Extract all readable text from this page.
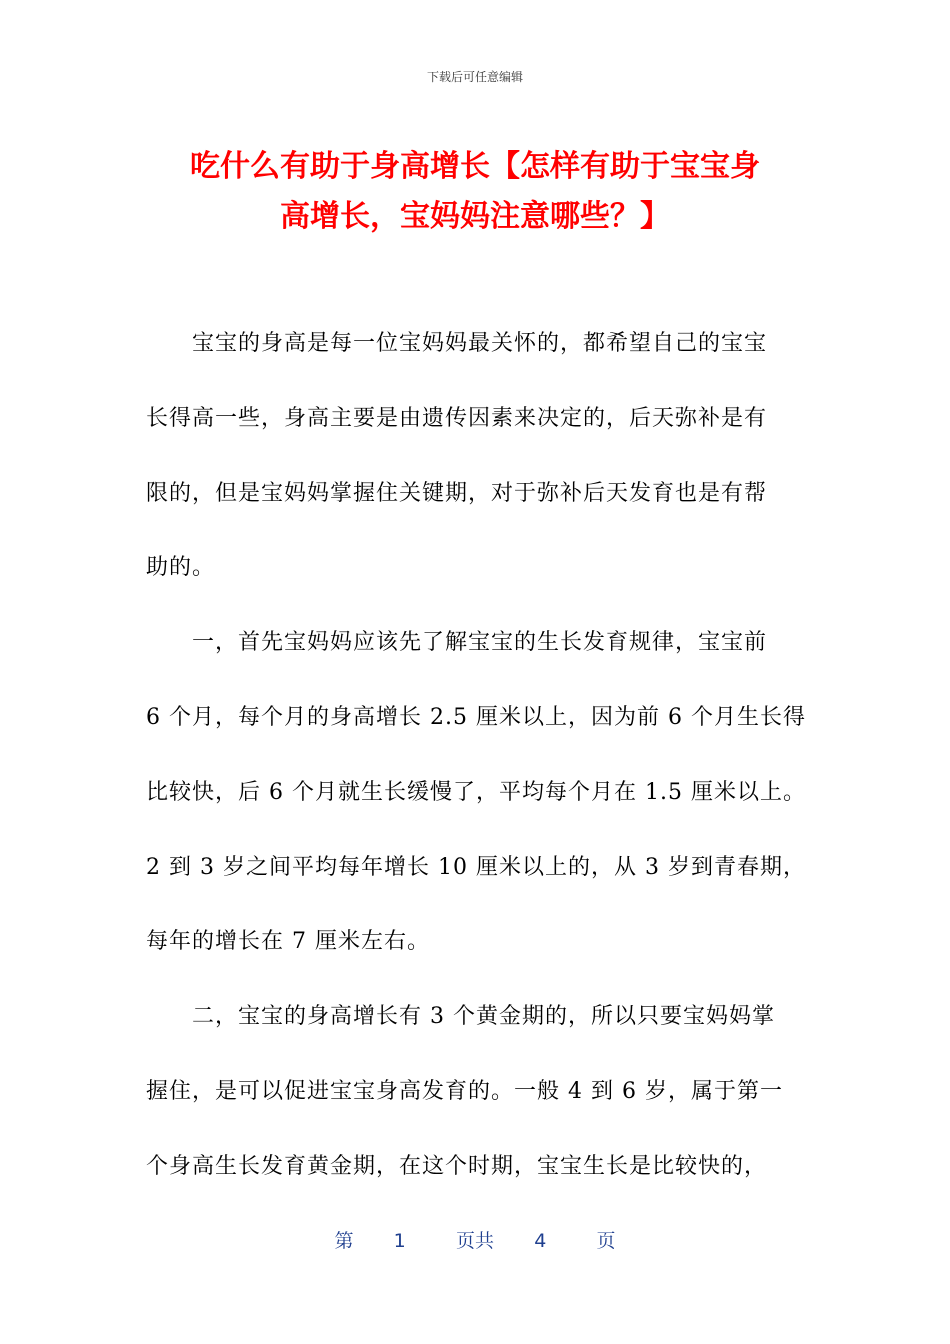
下载后可任意编辑
吃什么有助于身高增长【怎样有助于宝宝身
高增长，宝妈妈注意哪些？】
宝宝的身高是每一位宝妈妈最关怀的，都希望自己的宝宝
长得高一些，身高主要是由遗传因素来决定的，后天弥补是有
限的，但是宝妈妈掌握住关键期，对于弥补后天发育也是有帮
助的。
一，首先宝妈妈应该先了解宝宝的生长发育规律，宝宝前
6 个月，每个月的身高增长 2.5 厘米以上，因为前 6 个月生长得
比较快，后 6 个月就生长缓慢了，平均每个月在 1.5 厘米以上。
2 到 3 岁之间平均每年增长 10 厘米以上的，从 3 岁到青春期，
每年的增长在 7 厘米左右。
二，宝宝的身高增长有 3 个黄金期的，所以只要宝妈妈掌
握住，是可以促进宝宝身高发育的。一般 4 到 6 岁，属于第一
个身高生长发育黄金期，在这个时期，宝宝生长是比较快的，
第 1	页共 4	页
